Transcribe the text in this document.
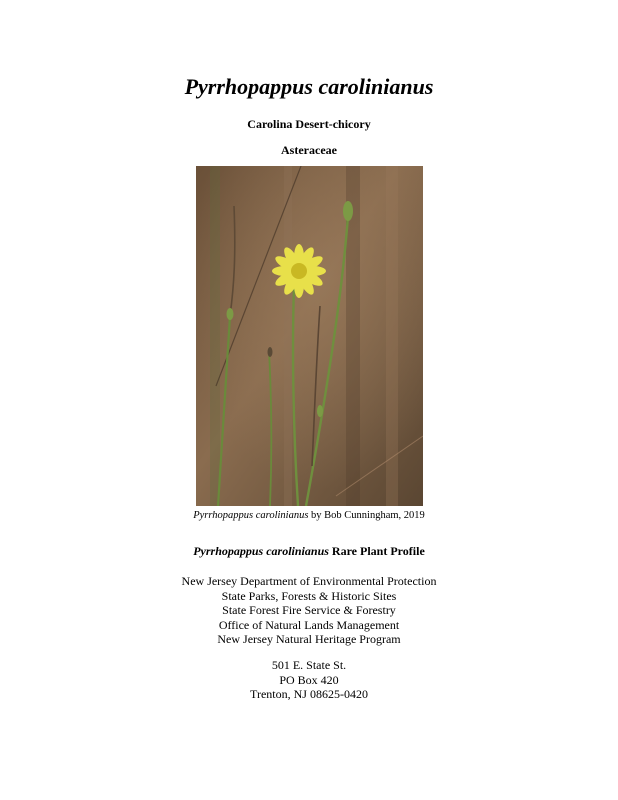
Pyrrhopappus carolinianus
Carolina Desert-chicory
Asteraceae
Pyrrhopappus carolinianus by Bob Cunningham, 2019
Pyrrhopappus carolinianus Rare Plant Profile
New Jersey Department of Environmental Protection
State Parks, Forests & Historic Sites
State Forest Fire Service & Forestry
Office of Natural Lands Management
New Jersey Natural Heritage Program
501 E. State St.
PO Box 420
Trenton, NJ 08625-0420
